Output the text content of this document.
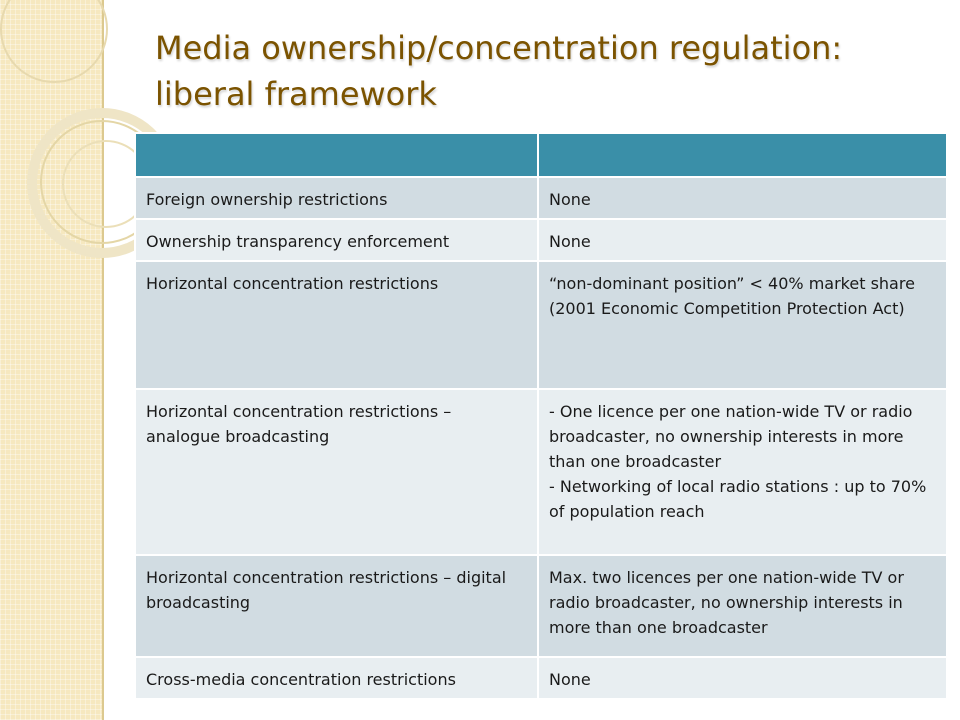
Media ownership/concentration regulation:
liberal framework

Foreign ownership restrictions	None

Ownership transparency enforcement	None

Horizontal concentration restrictions	“non-dominant position” < 40% market share
(2001 Economic Competition Protection Act)

Horizontal concentration restrictions – analogue broadcasting	- One licence per one nation-wide TV or radio broadcaster, no ownership interests in more than one broadcaster
- Networking of local radio stations : up to 70% of population reach

Horizontal concentration restrictions – digital broadcasting	Max. two licences per one nation-wide TV or radio broadcaster, no ownership interests in more than one broadcaster

Cross-media concentration restrictions	None
